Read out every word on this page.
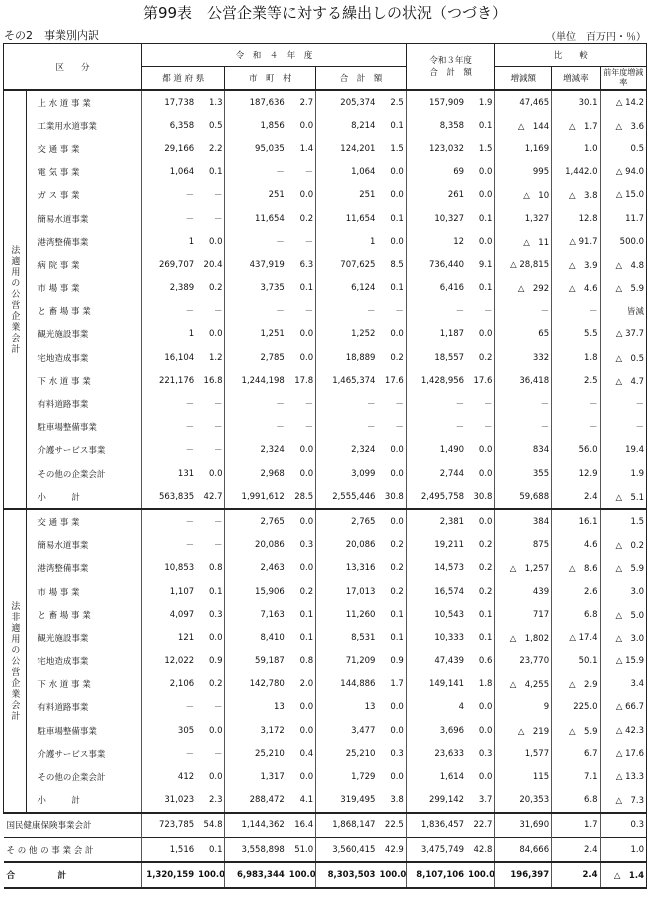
第99表　公営企業等に対する繰出しの状況（つづき）
その2　事業別内訳	（単位　百万円・％）
区　　分			令　和　４　年　度						令和３年度
合　計　額		比　　較		
			都 道 府 県		市　町　村		合　計　額				増減額	増減率	前年度増減率
法適用の公営企業会計		上 水 道 事 業	17,738	1.3	187,636	2.7	205,374	2.5	157,909	1.9	47,465	30.1	△ 14.2
		工業用水道事業	6,358	0.5	1,856	0.0	8,214	0.1	8,358	0.1	△　144	△　1.7	△　3.6
		交 通 事 業	29,166	2.2	95,035	1.4	124,201	1.5	123,032	1.5	1,169	1.0	0.5
		電 気 事 業	1,064	0.1	－	－	1,064	0.0	69	0.0	995	1,442.0	△ 94.0
		ガ ス 事 業	－	－	251	0.0	251	0.0	261	0.0	△　10	△　3.8	△ 15.0
		簡易水道事業	－	－	11,654	0.2	11,654	0.1	10,327	0.1	1,327	12.8	11.7
		港湾整備事業	1	0.0	－	－	1	0.0	12	0.0	△　11	△ 91.7	500.0
		病 院 事 業	269,707	20.4	437,919	6.3	707,625	8.5	736,440	9.1	△ 28,815	△　3.9	△　4.8
		市 場 事 業	2,389	0.2	3,735	0.1	6,124	0.1	6,416	0.1	△　292	△　4.6	△　5.9
		と 畜 場 事 業	－	－	－	－	－	－	－	－	－	－	皆減
		観光施設事業	1	0.0	1,251	0.0	1,252	0.0	1,187	0.0	65	5.5	△ 37.7
		宅地造成事業	16,104	1.2	2,785	0.0	18,889	0.2	18,557	0.2	332	1.8	△　0.5
		下 水 道 事 業	221,176	16.8	1,244,198	17.8	1,465,374	17.6	1,428,956	17.6	36,418	2.5	△　4.7
		有料道路事業	－	－	－	－	－	－	－	－	－	－	－
		駐車場整備事業	－	－	－	－	－	－	－	－	－	－	－
		介護サービス事業	－	－	2,324	0.0	2,324	0.0	1,490	0.0	834	56.0	19.4
		その他の企業会計	131	0.0	2,968	0.0	3,099	0.0	2,744	0.0	355	12.9	1.9
		小　　　計	563,835	42.7	1,991,612	28.5	2,555,446	30.8	2,495,758	30.8	59,688	2.4	△　5.1
法非適用の公営企業会計		交 通 事 業	－	－	2,765	0.0	2,765	0.0	2,381	0.0	384	16.1	1.5
		簡易水道事業	－	－	20,086	0.3	20,086	0.2	19,211	0.2	875	4.6	△　0.2
		港湾整備事業	10,853	0.8	2,463	0.0	13,316	0.2	14,573	0.2	△　1,257	△　8.6	△　5.9
		市 場 事 業	1,107	0.1	15,906	0.2	17,013	0.2	16,574	0.2	439	2.6	3.0
		と 畜 場 事 業	4,097	0.3	7,163	0.1	11,260	0.1	10,543	0.1	717	6.8	△　5.0
		観光施設事業	121	0.0	8,410	0.1	8,531	0.1	10,333	0.1	△　1,802	△ 17.4	△　3.0
		宅地造成事業	12,022	0.9	59,187	0.8	71,209	0.9	47,439	0.6	23,770	50.1	△ 15.9
		下 水 道 事 業	2,106	0.2	142,780	2.0	144,886	1.7	149,141	1.8	△　4,255	△　2.9	3.4
		有料道路事業	－	－	13	0.0	13	0.0	4	0.0	9	225.0	△ 66.7
		駐車場整備事業	305	0.0	3,172	0.0	3,477	0.0	3,696	0.0	△　219	△　5.9	△ 42.3
		介護サービス事業	－	－	25,210	0.4	25,210	0.3	23,633	0.3	1,577	6.7	△ 17.6
		その他の企業会計	412	0.0	1,317	0.0	1,729	0.0	1,614	0.0	115	7.1	△ 13.3
		小　　　計	31,023	2.3	288,472	4.1	319,495	3.8	299,142	3.7	20,353	6.8	△　7.3
国民健康保険事業会計			723,785	54.8	1,144,362	16.4	1,868,147	22.5	1,836,457	22.7	31,690	1.7	0.3
そ の 他 の 事 業 会 計			1,516	0.1	3,558,898	51.0	3,560,415	42.9	3,475,749	42.8	84,666	2.4	1.0
合　　　　　計			1,320,159	100.0	6,983,344	100.0	8,303,503	100.0	8,107,106	100.0	196,397	2.4	△　1.4
